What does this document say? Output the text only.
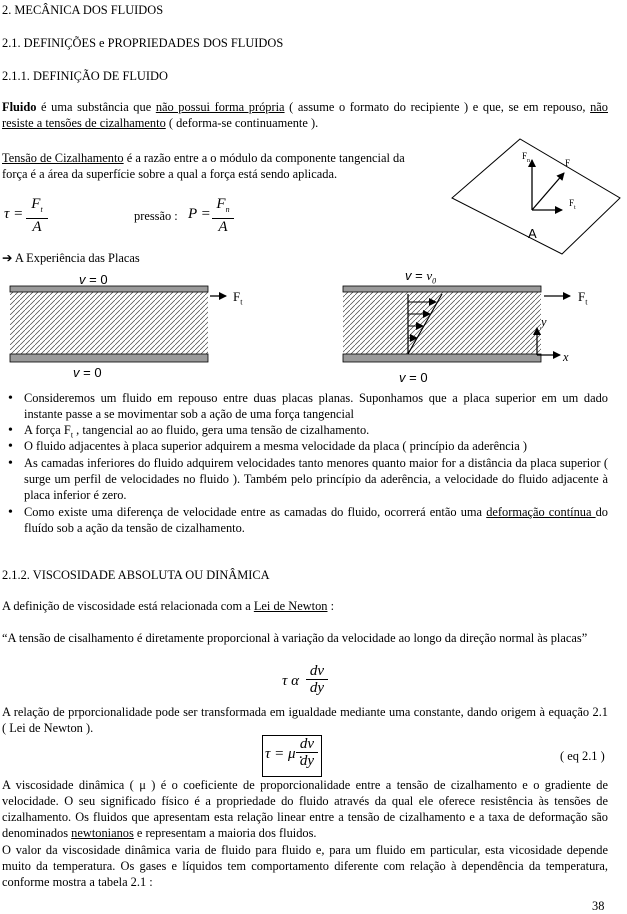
2. MECÂNICA DOS FLUIDOS
2.1. DEFINIÇÕES e PROPRIEDADES DOS FLUIDOS
2.1.1. DEFINIÇÃO DE FLUIDO
Fluido é uma substância que não possui forma própria ( assume o formato do recipiente ) e que, se em repouso, não resiste a tensões de cizalhamento ( deforma-se continuamente ).
Tensão de Cizalhamento é a razão entre a o módulo da componente tangencial da força é a área da superfície sobre a qual a força está sendo aplicada.
$\tau = \frac{F_t}{A}$	pressão : $P = \frac{F_n}{A}$
$F_n$	F
$F_t$
A
➔ A Experiência das Placas
v = 0
v = 0
$F_t$
$v = v_0$
v = 0
$F_t$
y
x
•
Consideremos um fluido em repouso entre duas placas planas. Suponhamos que a placa superior em um dado instante passe a se movimentar sob a ação de uma força tangencial
•
A força $F_t$ , tangencial ao ao fluido, gera uma tensão de cizalhamento.
•
O fluido adjacentes à placa superior adquirem a mesma velocidade da placa ( princípio da aderência )
•
As camadas inferiores do fluido adquirem velocidades tanto menores quanto maior for a distância da placa superior ( surge um perfil de velocidades no fluido ). Também pelo princípio da aderência, a velocidade do fluido adjacente à placa inferior é zero.
•
Como existe uma diferença de velocidade entre as camadas do fluido, ocorrerá então uma deformação contínua do fluído sob a ação da tensão de cizalhamento.
2.1.2. VISCOSIDADE ABSOLUTA OU DINÂMICA
A definição de viscosidade está relacionada com a Lei de Newton :
“A tensão de cisalhamento é diretamente proporcional à variação da velocidade ao longo da direção normal às placas”
τ α $\frac{dv}{dy}$
A relação de prporcionalidade pode ser transformada em igualdade mediante uma constante, dando origem à equação 2.1 ( Lei de Newton ).
τ = μ .
$\frac{dv}{dy}$	( eq 2.1 )
A viscosidade dinâmica ( μ ) é o coeficiente de proporcionalidade entre a tensão de cizalhamento e o gradiente de velocidade. O seu significado físico é a propriedade do fluido através da qual ele oferece resistência às tensões de cizalhamento. Os fluidos que apresentam esta relação linear entre a tensão de cizalhamento e a taxa de deformação são denominados newtonianos e representam a maioria dos fluidos.
O valor da viscosidade dinâmica varia de fluido para fluido e, para um fluido em particular, esta vicosidade depende muito da temperatura. Os gases e líquidos tem comportamento diferente com relação à dependência da temperatura, conforme mostra a tabela 2.1 :
38
